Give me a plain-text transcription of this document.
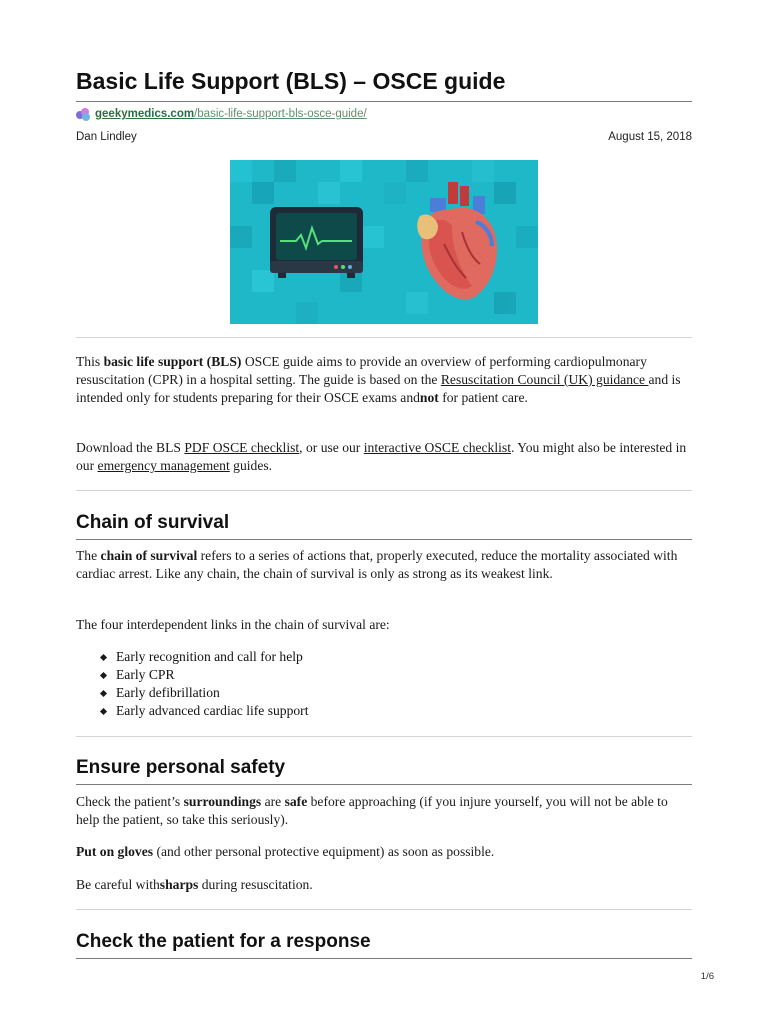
Basic Life Support (BLS) – OSCE guide
geekymedics.com /basic-life-support-bls-osce-guide/
Dan Lindley	August 15, 2018

This basic life support (BLS) OSCE guide aims to provide an overview of performing cardiopulmonary resuscitation (CPR) in a hospital setting. The guide is based on the Resuscitation Council (UK) guidance and is intended only for students preparing for their OSCE exams andnot for patient care.

Download the BLS PDF OSCE checklist, or use our interactive OSCE checklist. You might also be interested in our emergency management guides.

Chain of survival

The chain of survival refers to a series of actions that, properly executed, reduce the mortality associated with cardiac arrest. Like any chain, the chain of survival is only as strong as its weakest link.

The four interdependent links in the chain of survival are:

Early recognition and call for help
Early CPR
Early defibrillation
Early advanced cardiac life support
Ensure personal safety

Check the patient’s surroundings are safe before approaching (if you injure yourself, you will not be able to help the patient, so take this seriously).

Put on gloves (and other personal protective equipment) as soon as possible.

Be careful withsharps during resuscitation.

Check the patient for a response
1/6
